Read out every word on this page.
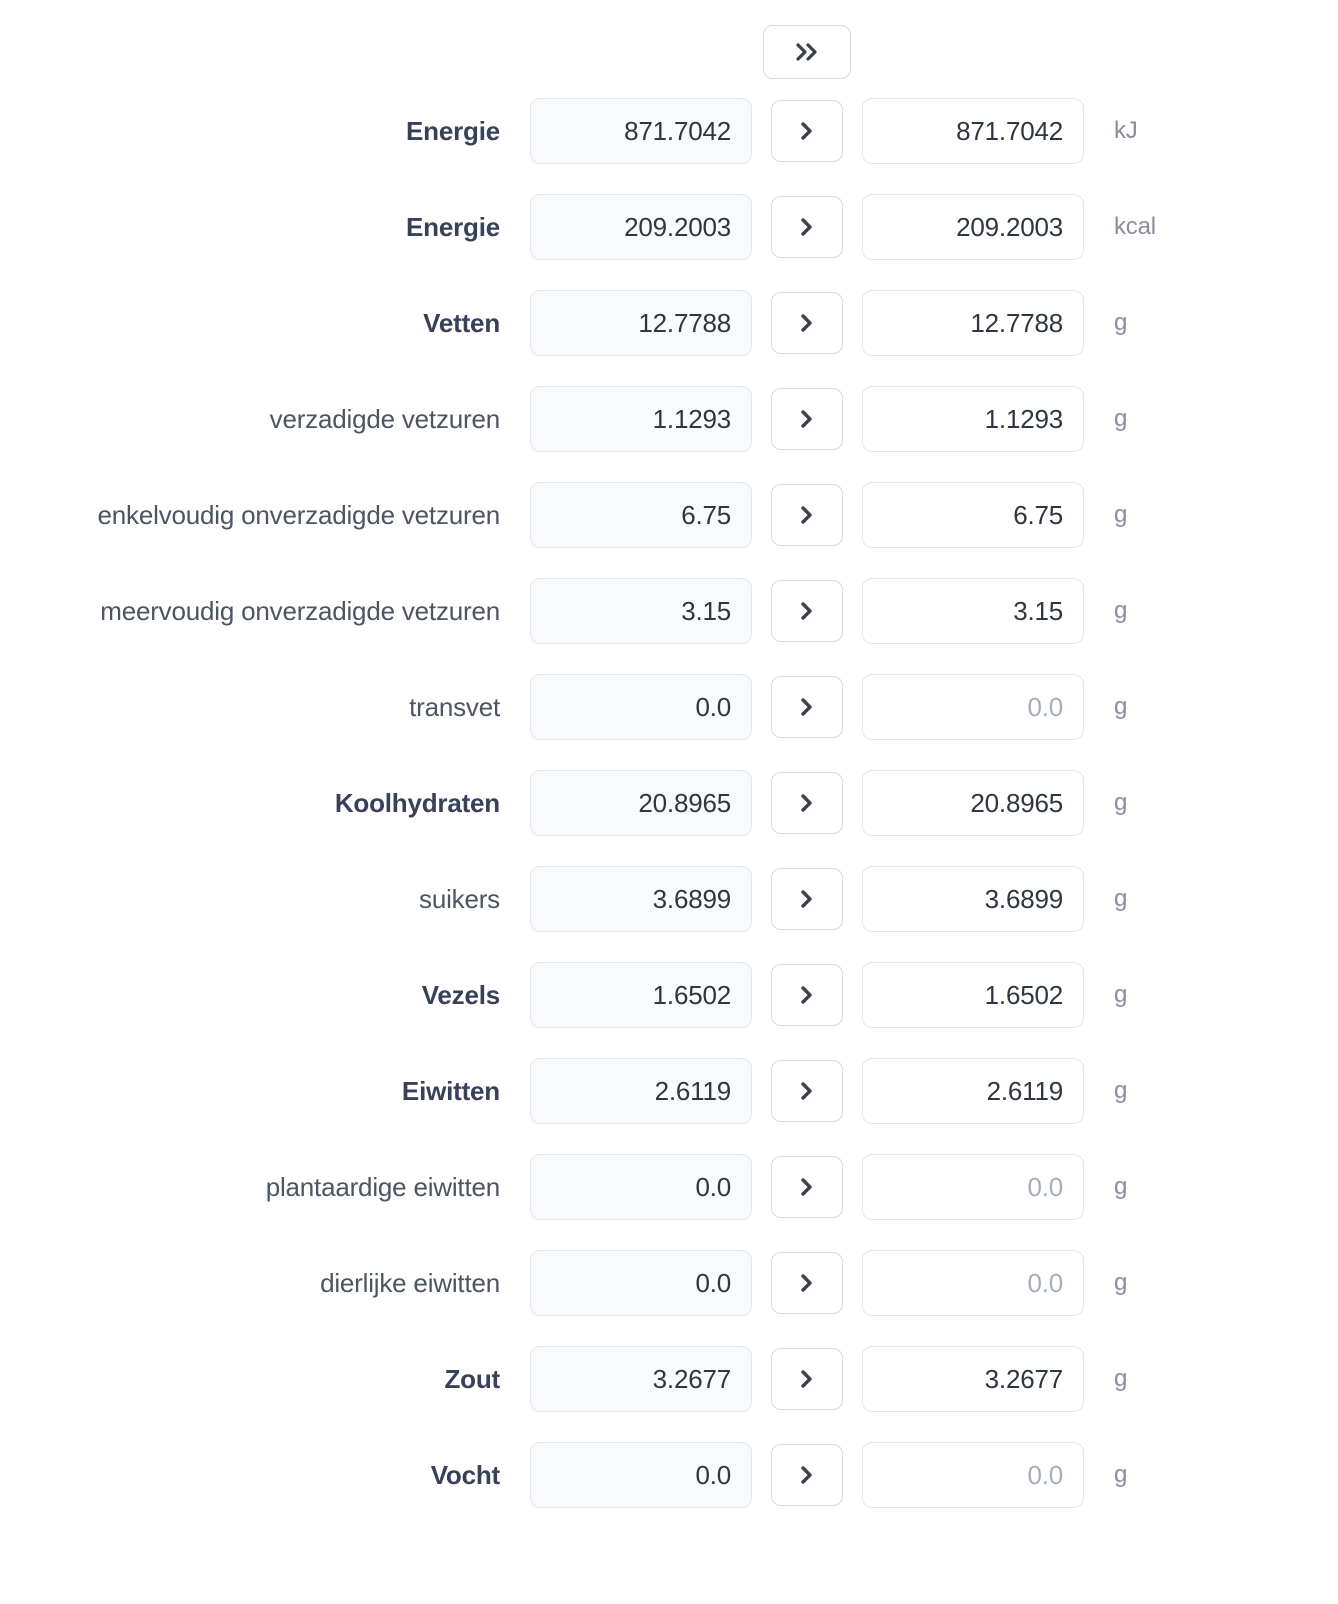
Energie	871.7042	871.7042	kJ
Energie	209.2003	209.2003	kcal
Vetten	12.7788	12.7788	g
verzadigde vetzuren	1.1293	1.1293	g
enkelvoudig onverzadigde vetzuren	6.75	6.75	g
meervoudig onverzadigde vetzuren	3.15	3.15	g
transvet	0.0	0.0	g
Koolhydraten	20.8965	20.8965	g
suikers	3.6899	3.6899	g
Vezels	1.6502	1.6502	g
Eiwitten	2.6119	2.6119	g
plantaardige eiwitten	0.0	0.0	g
dierlijke eiwitten	0.0	0.0	g
Zout	3.2677	3.2677	g
Vocht	0.0	0.0	g
